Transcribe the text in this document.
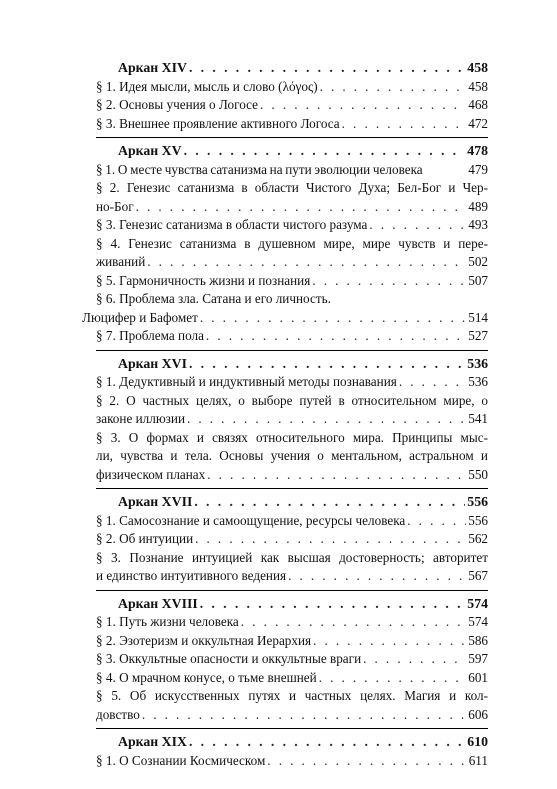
Аркан XIV . . .	458
§ 1. Идея мысли, мысль и слово (λόγος) . . .	458
§ 2. Основы учения о Логосе . . .	468
§ 3. Внешнее проявление активного Логоса . . .	472
Аркан XV . . .	478
§ 1. О месте чувства сатанизма на пути эволюции человека	479
§ 2. Генезис сатанизма в области Чистого Духа; Бел-Бог и Чер-
но-Бог . . .	489
§ 3. Генезис сатанизма в области чистого разума . . .	493
§ 4. Генезис сатанизма в душевном мире, мире чувств и пере-
живаний . . .	502
§ 5. Гармоничность жизни и познания . . .	507
§ 6. Проблема зла. Сатана и его личность.
Люцифер и Бафомет . . .	514
§ 7. Проблема пола . . .	527
Аркан XVI . . .	536
§ 1. Дедуктивный и индуктивный методы познавания . . .	536
§ 2. О частных целях, о выборе путей в относительном мире, о
законе иллюзии . . .	541
§ 3. О формах и связях относительного мира. Принципы мыс-
ли, чувства и тела. Основы учения о ментальном, астральном и
физическом планах . . .	550
Аркан XVII . . .	556
§ 1. Самосознание и самоощущение, ресурсы человека . . .	556
§ 2. Об интуиции . . .	562
§ 3. Познание интуицией как высшая достоверность; авторитет
и единство интуитивного ведения . . .	567
Аркан XVIII . . .	574
§ 1. Путь жизни человека . . .	574
§ 2. Эзотеризм и оккультная Иерархия . . .	586
§ 3. Оккультные опасности и оккультные враги . . .	597
§ 4. О мрачном конусе, о тьме внешней . . .	601
§ 5. Об искусственных путях и частных целях. Магия и кол-
довство . . .	606
Аркан XIX . . .	610
§ 1. О Сознании Космическом . . .	611
